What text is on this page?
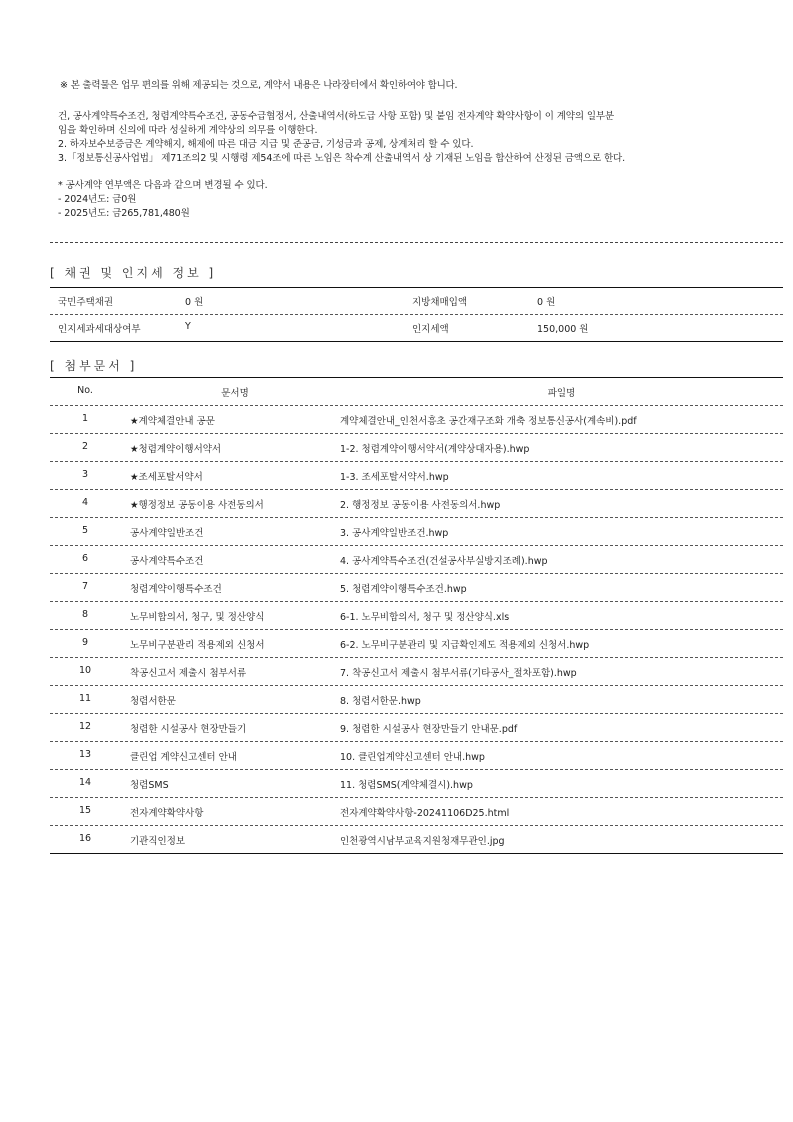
※ 본 출력물은 업무 편의를 위해 제공되는 것으로, 계약서 내용은 나라장터에서 확인하여야 합니다.
건, 공사계약특수조건, 청렴계약특수조건, 공동수급협정서, 산출내역서(하도급 사항 포함) 및 붙임 전자계약 확약사항이 이 계약의 일부분
임을 확인하며 신의에 따라 성실하게 계약상의 의무를 이행한다.
2. 하자보수보증금은 계약해지, 해제에 따른 대금 지급 및 준공금, 기성금과 공제, 상계처리 할 수 있다.
3.「정보통신공사업법」 제71조의2 및 시행령 제54조에 따른 노임은 착수계 산출내역서 상 기재된 노임을 합산하여 산정된 금액으로 한다.
* 공사계약 연부액은 다음과 같으며 변경될 수 있다.
- 2024년도: 금0원
- 2025년도: 금265,781,480원
[ 채권 및 인지세 정보 ]
국민주택채권	0 원	지방채매입액	0 원
인지세과세대상여부	Y	인지세액	150,000 원
[ 첨부문서 ]
No.	문서명	파일명
1	★계약체결안내 공문	계약체결안내_인천서흥초 공간재구조화 개축 정보통신공사(계속비).pdf
2	★청렴계약이행서약서	1-2. 청렴계약이행서약서(계약상대자용).hwp
3	★조세포탈서약서	1-3. 조세포탈서약서.hwp
4	★행정정보 공동이용 사전동의서	2. 행정정보 공동이용 사전동의서.hwp
5	공사계약일반조건	3. 공사계약일반조건.hwp
6	공사계약특수조건	4. 공사계약특수조건(건설공사부실방지조례).hwp
7	청렴계약이행특수조건	5. 청렴계약이행특수조건.hwp
8	노무비합의서, 청구, 및 정산양식	6-1. 노무비합의서, 청구 및 정산양식.xls
9	노무비구분관리 적용제외 신청서	6-2. 노무비구분관리 및 지급확인제도 적용제외 신청서.hwp
10	착공신고서 제출시 첨부서류	7. 착공신고서 제출시 첨부서류(기타공사_절차포함).hwp
11	청렴서한문	8. 청렴서한문.hwp
12	청렴한 시설공사 현장만들기	9. 청렴한 시설공사 현장만들기 안내문.pdf
13	클린업 계약신고센터 안내	10. 클린업계약신고센터 안내.hwp
14	청렴SMS	11. 청렴SMS(계약체결시).hwp
15	전자계약확약사항	전자계약확약사항-20241106D25.html
16	기관직인정보	인천광역시남부교육지원청재무관인.jpg
